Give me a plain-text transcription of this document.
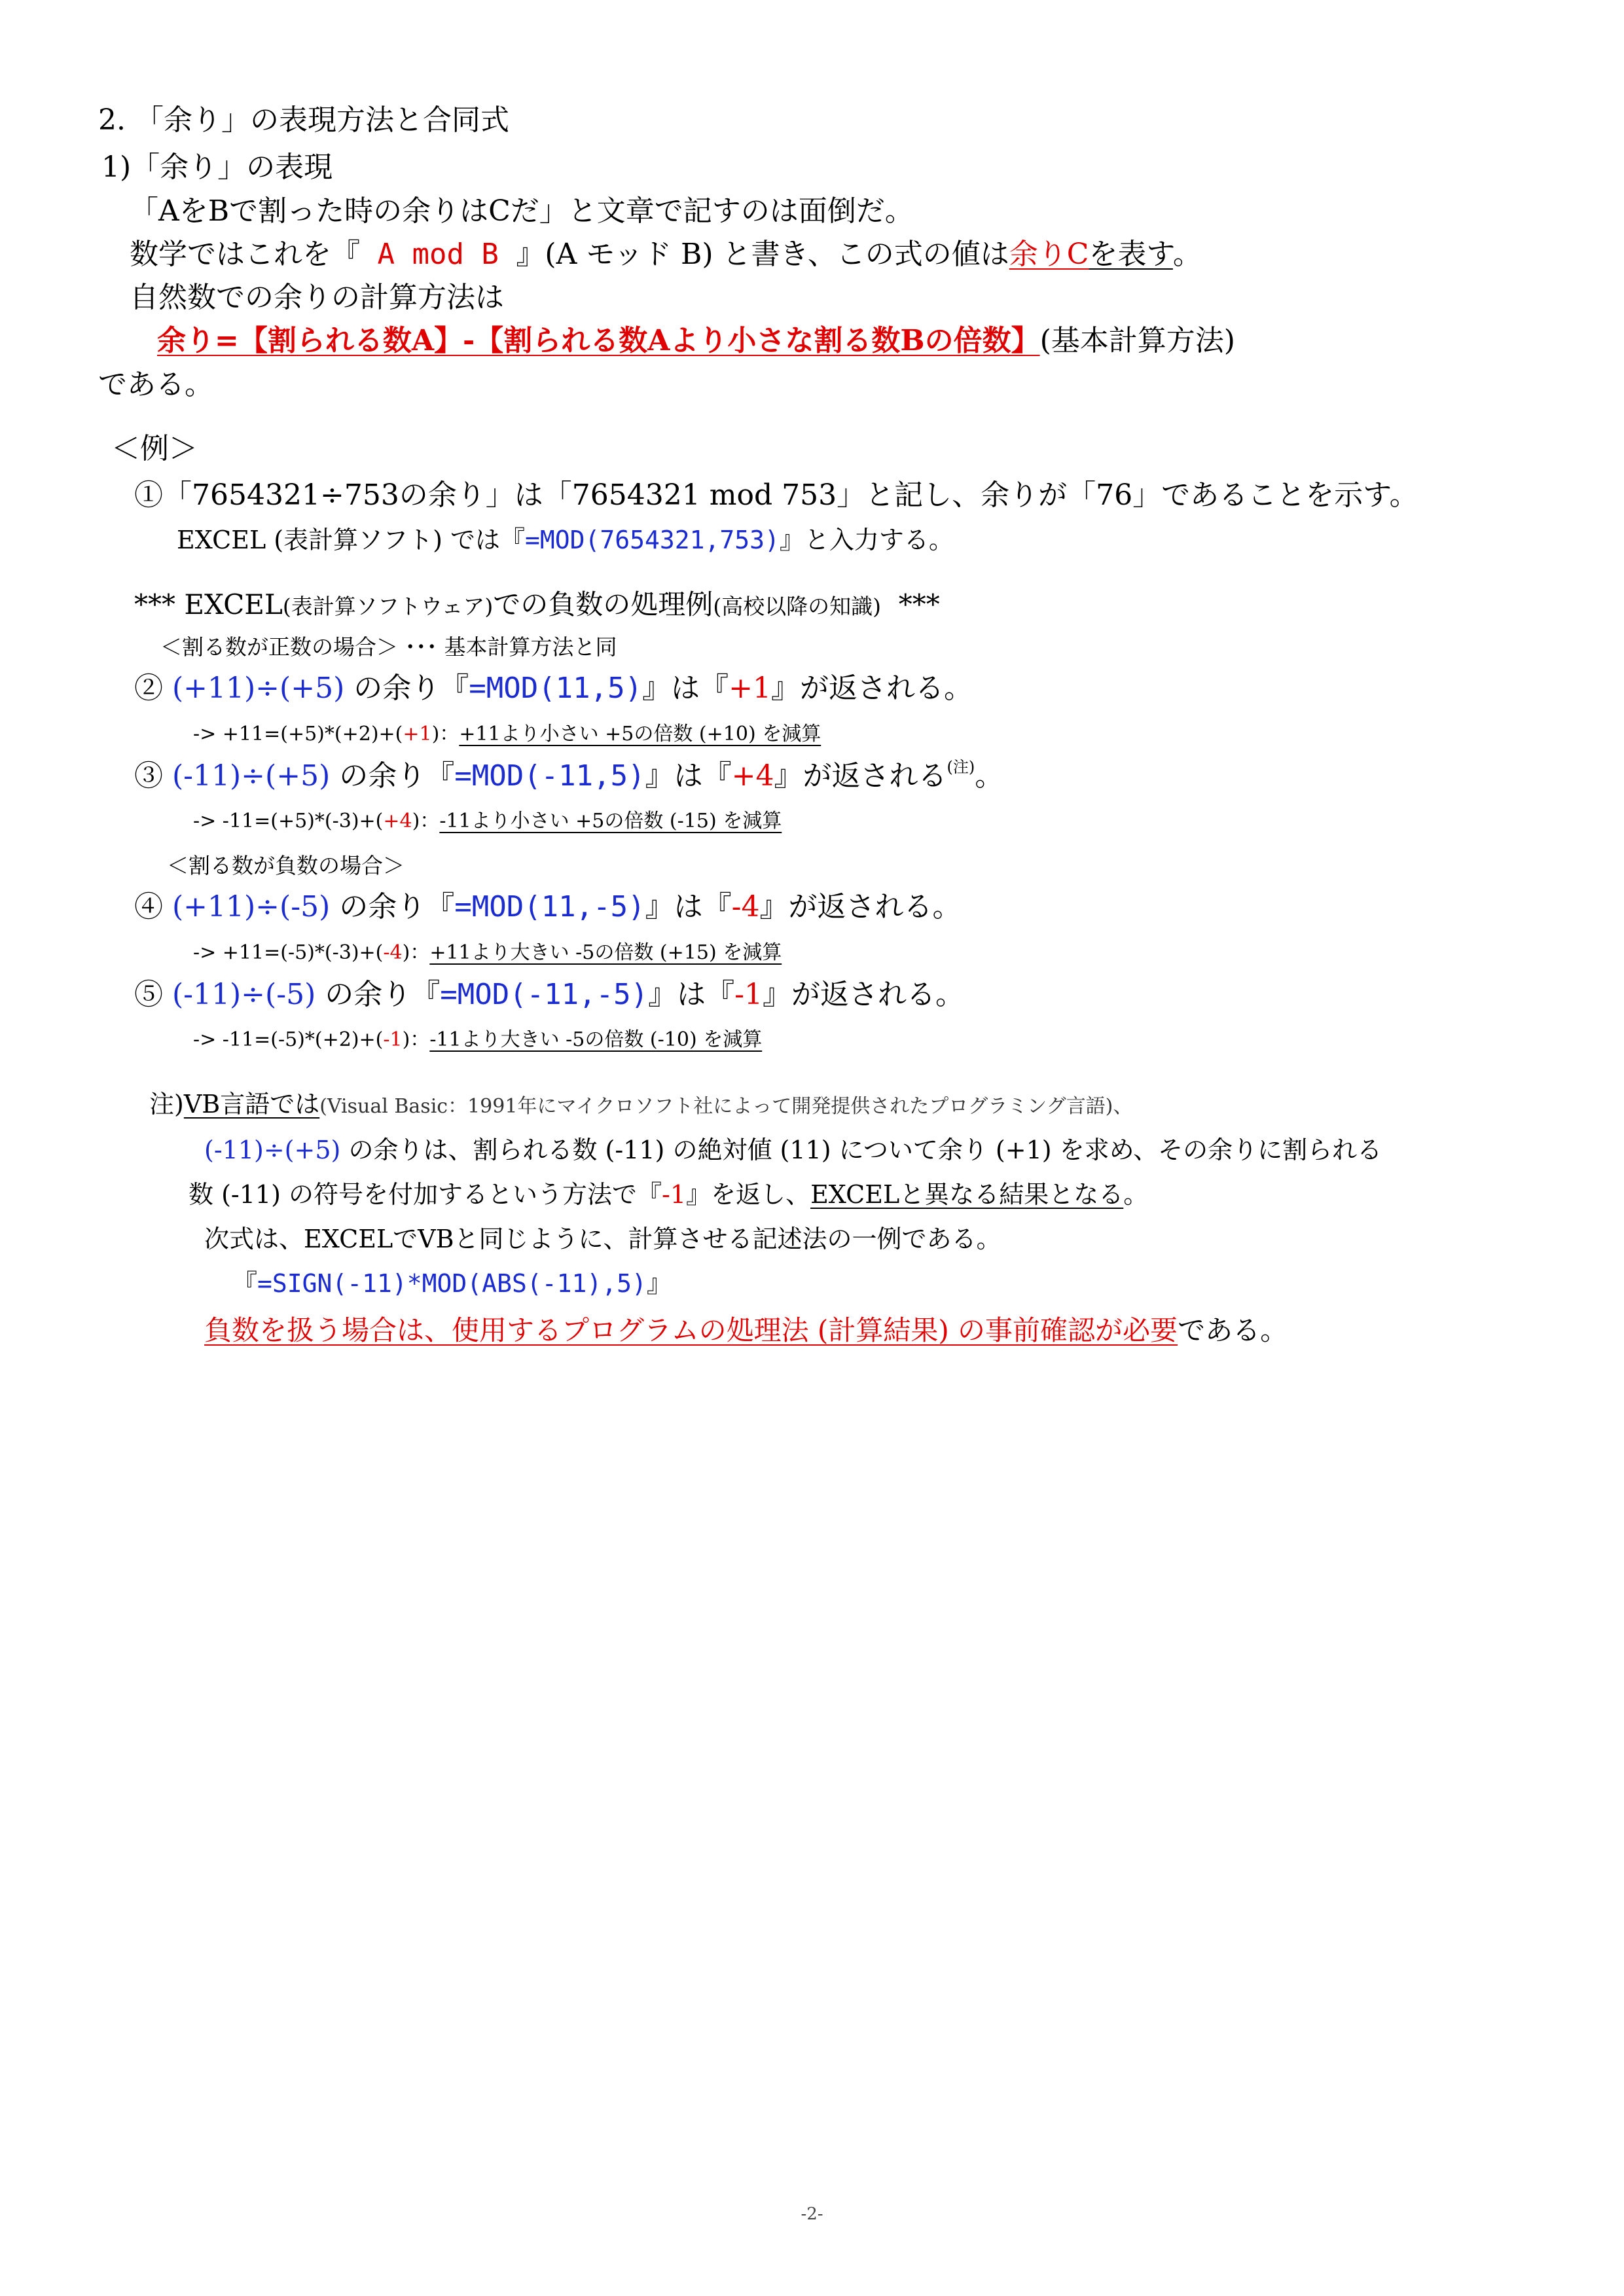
2. 「余り」の表現方法と合同式
1)「余り」の表現
「AをBで割った時の余りはCだ」と文章で記すのは面倒だ。
数学ではこれを『 A mod B 』(A モッド B) と書き、この式の値は余りCを表す。
自然数での余りの計算方法は
余り=【割られる数A】-【割られる数Aより小さな割る数Bの倍数】(基本計算方法)
である。
＜例＞
①「7654321÷753の余り」は「7654321 mod 753」と記し、余りが「76」であることを示す。
EXCEL (表計算ソフト) では『=MOD(7654321,753)』と入力する。
*** EXCEL(表計算ソフトウェア)での負数の処理例(高校以降の知識) ***
＜割る数が正数の場合＞ ･･･ 基本計算方法と同
② (+11)÷(+5) の余り『=MOD(11,5)』は『+1』が返される。
-> +11=(+5)*(+2)+(+1)：+11より小さい +5の倍数 (+10) を減算
③ (-11)÷(+5) の余り『=MOD(-11,5)』は『+4』が返される$^{(注)}$。
-> -11=(+5)*(-3)+(+4)：-11より小さい +5の倍数 (-15) を減算
＜割る数が負数の場合＞
④ (+11)÷(-5) の余り『=MOD(11,-5)』は『-4』が返される。
-> +11=(-5)*(-3)+(-4)：+11より大きい -5の倍数 (+15) を減算
⑤ (-11)÷(-5) の余り『=MOD(-11,-5)』は『-1』が返される。
-> -11=(-5)*(+2)+(-1)：-11より大きい -5の倍数 (-10) を減算
注)VB言語では(Visual Basic：1991年にマイクロソフト社によって開発提供されたプログラミング言語)、
(-11)÷(+5) の余りは、割られる数 (-11) の絶対値 (11) について余り (+1) を求め、その余りに割られる
数 (-11) の符号を付加するという方法で『-1』を返し、EXCELと異なる結果となる。
次式は、EXCELでVBと同じように、計算させる記述法の一例である。
『=SIGN(-11)*MOD(ABS(-11),5)』
負数を扱う場合は、使用するプログラムの処理法 (計算結果) の事前確認が必要である。
-2-
